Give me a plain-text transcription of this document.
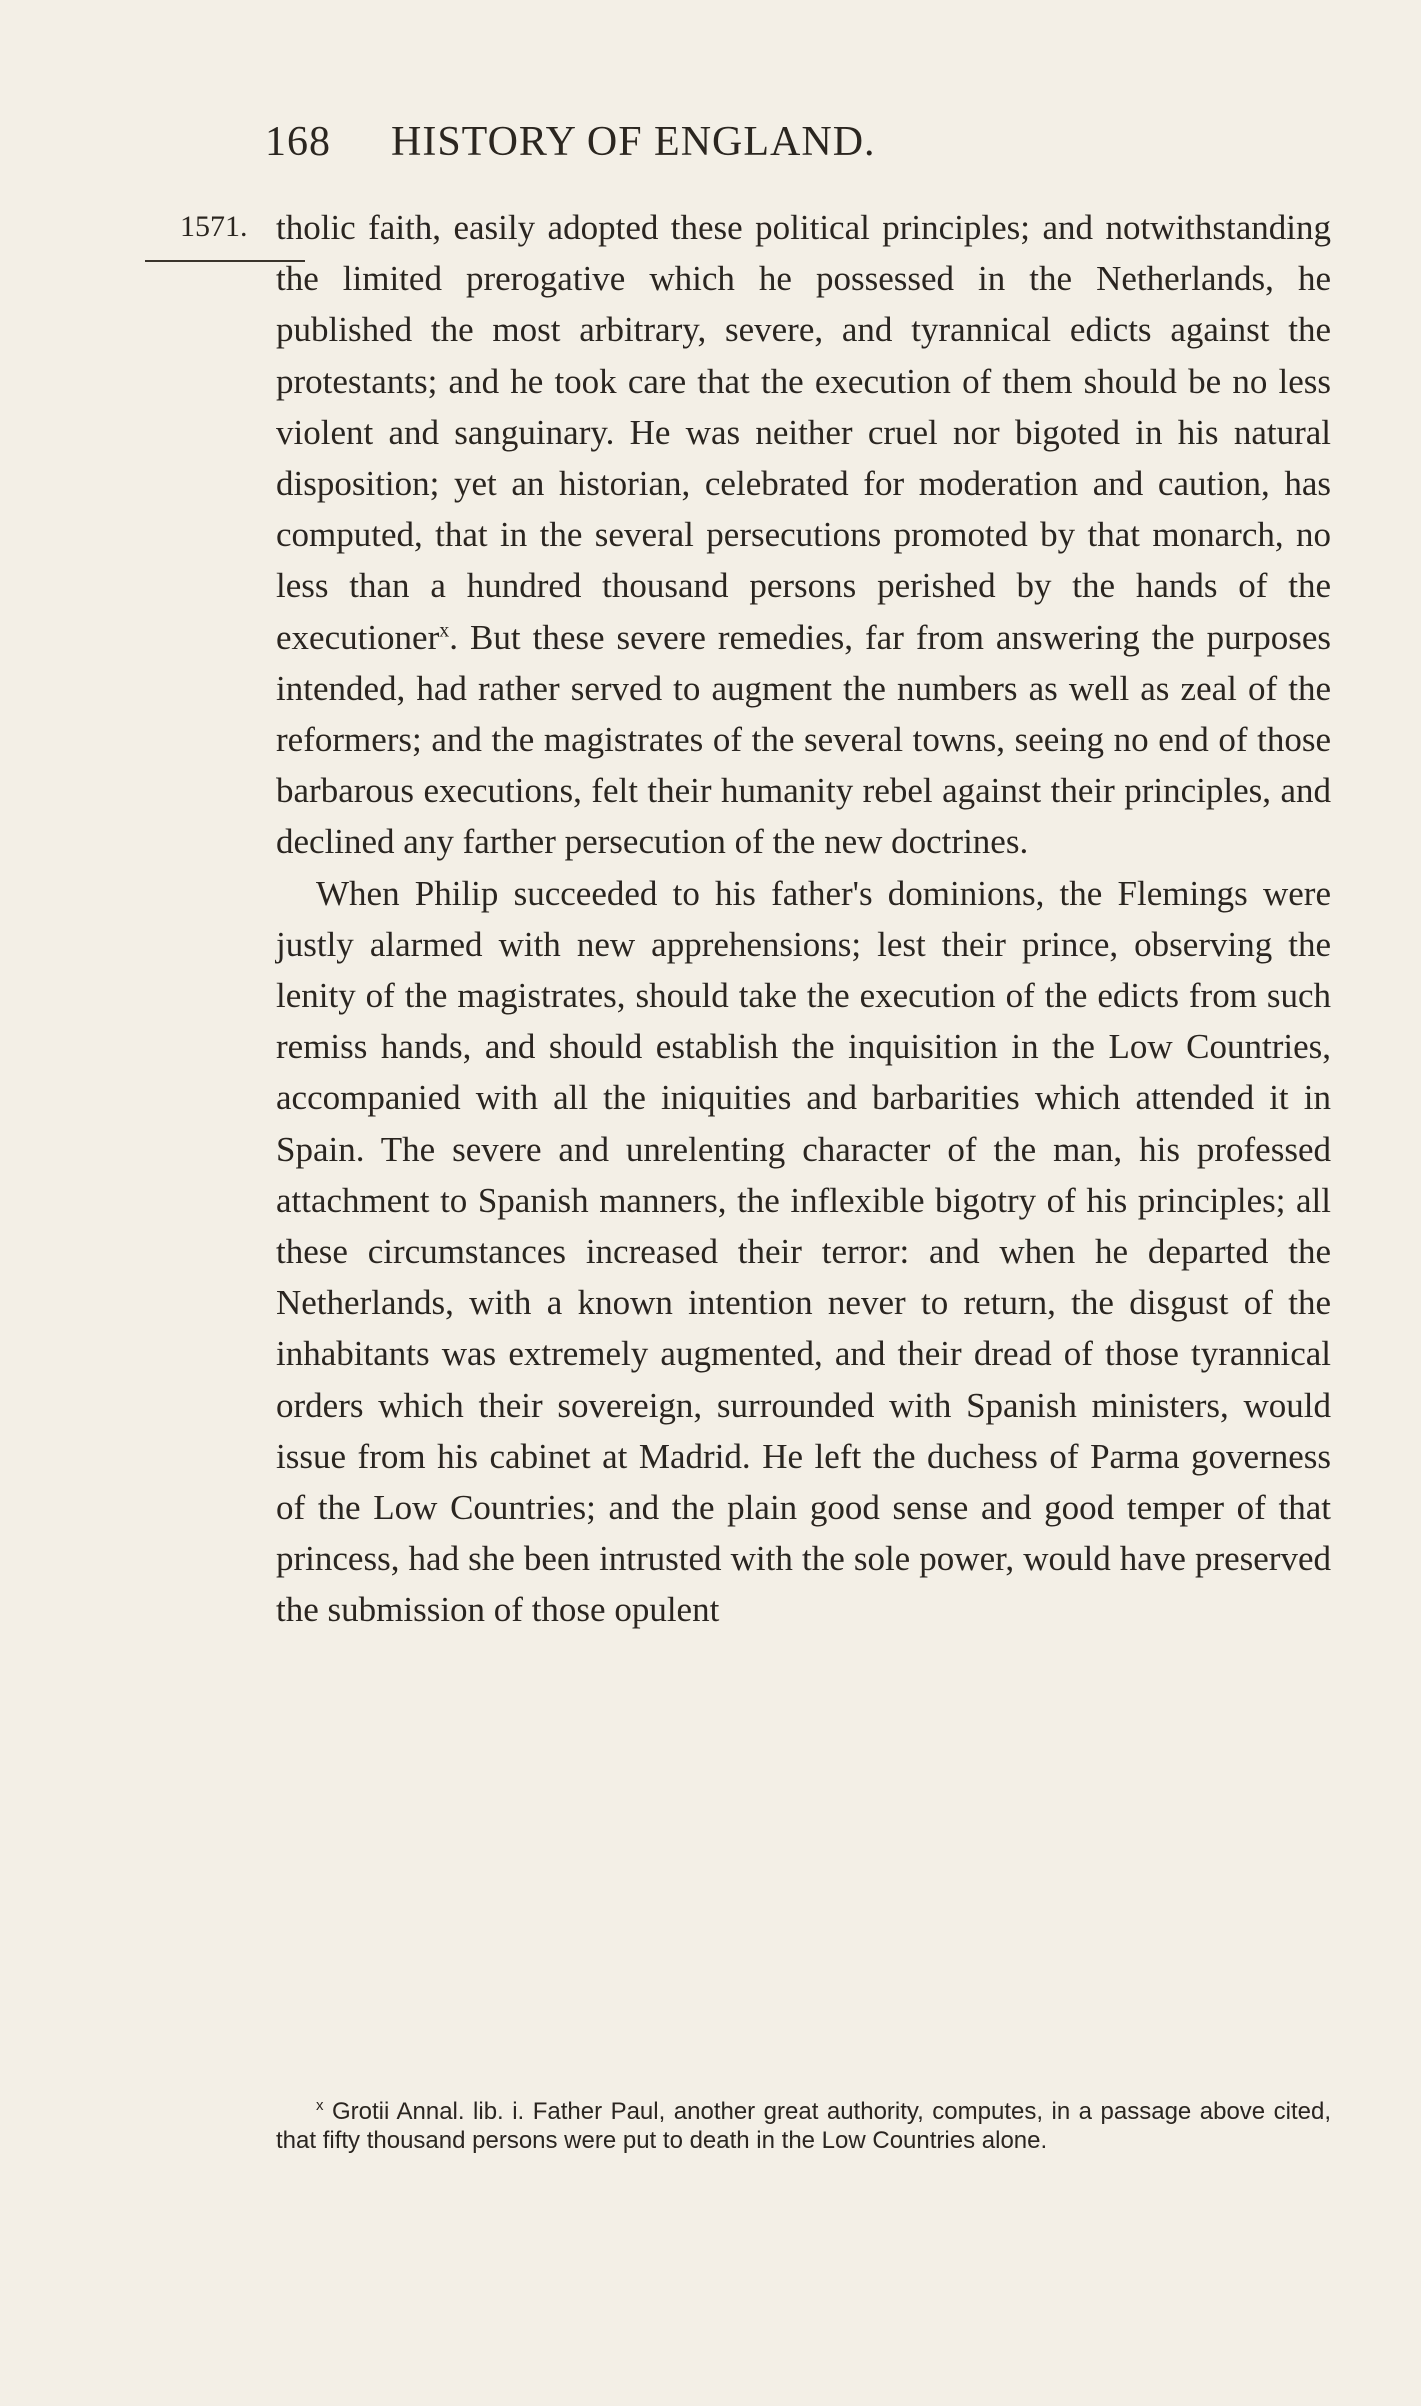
168 HISTORY OF ENGLAND.
1571. tholic faith, easily adopted these political principles; and notwithstanding the limited prerogative which he possessed in the Netherlands, he published the most arbitrary, severe, and tyrannical edicts against the protestants; and he took care that the execution of them should be no less violent and sanguinary. He was neither cruel nor bigoted in his natural disposition; yet an historian, celebrated for moderation and caution, has computed, that in the several persecutions promoted by that monarch, no less than a hundred thousand persons perished by the hands of the executioner$^x$. But these severe remedies, far from answering the purposes intended, had rather served to augment the numbers as well as zeal of the reformers; and the magistrates of the several towns, seeing no end of those barbarous executions, felt their humanity rebel against their principles, and declined any farther persecution of the new doctrines.

When Philip succeeded to his father's dominions, the Flemings were justly alarmed with new apprehensions; lest their prince, observing the lenity of the magistrates, should take the execution of the edicts from such remiss hands, and should establish the inquisition in the Low Countries, accompanied with all the iniquities and barbarities which attended it in Spain. The severe and unrelenting character of the man, his professed attachment to Spanish manners, the inflexible bigotry of his principles; all these circumstances increased their terror: and when he departed the Netherlands, with a known intention never to return, the disgust of the inhabitants was extremely augmented, and their dread of those tyrannical orders which their sovereign, surrounded with Spanish ministers, would issue from his cabinet at Madrid. He left the duchess of Parma governess of the Low Countries; and the plain good sense and good temper of that princess, had she been intrusted with the sole power, would have preserved the submission of those opulent

$^x$ Grotii Annal. lib. i. Father Paul, another great authority, computes, in a passage above cited, that fifty thousand persons were put to death in the Low Countries alone.
